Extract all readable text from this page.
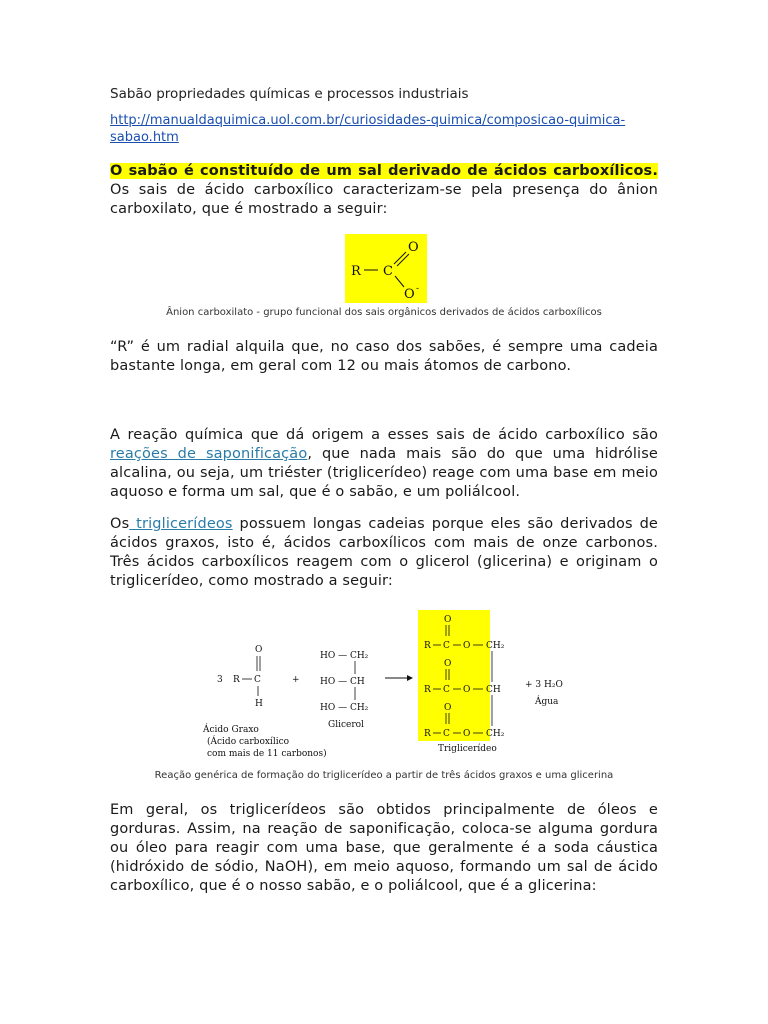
Sabão propriedades químicas e processos industriais
http://manualdaquimica.uol.com.br/curiosidades-quimica/composicao-quimica-sabao.htm
O sabão é constituído de um sal derivado de ácidos carboxílicos. Os sais de ácido carboxílico caracterizam-se pela presença do ânion carboxilato, que é mostrado a seguir:
R C
O
O -
Ânion carboxilato - grupo funcional dos sais orgânicos derivados de ácidos carboxílicos
“R” é um radial alquila que, no caso dos sabões, é sempre uma cadeia bastante longa, em geral com 12 ou mais átomos de carbono.
A reação química que dá origem a esses sais de ácido carboxílico são reações de saponificação, que nada mais são do que uma hidrólise alcalina, ou seja, um triéster (triglicerídeo) reage com uma base em meio aquoso e forma um sal, que é o sabão, e um poliálcool.
Os triglicerídeos possuem longas cadeias porque eles são derivados de ácidos graxos, isto é, ácidos carboxílicos com mais de onze carbonos. Três ácidos carboxílicos reagem com o glicerol (glicerina) e originam o triglicerídeo, como mostrado a seguir:
3 R C
O
H
+
HO — CH₂
HO — CH
HO — CH₂
O
R C O CH₂
O
R C O CH
O
R C O CH₂
+ 3 H₂O
Água
Ácido Graxo
(Ácido carboxílico
com mais de 11 carbonos)
Glicerol
Triglicerídeo
Reação genérica de formação do triglicerídeo a partir de três ácidos graxos e uma glicerina
Em geral, os triglicerídeos são obtidos principalmente de óleos e gorduras. Assim, na reação de saponificação, coloca-se alguma gordura ou óleo para reagir com uma base, que geralmente é a soda cáustica (hidróxido de sódio, NaOH), em meio aquoso, formando um sal de ácido carboxílico, que é o nosso sabão, e o poliálcool, que é a glicerina:
